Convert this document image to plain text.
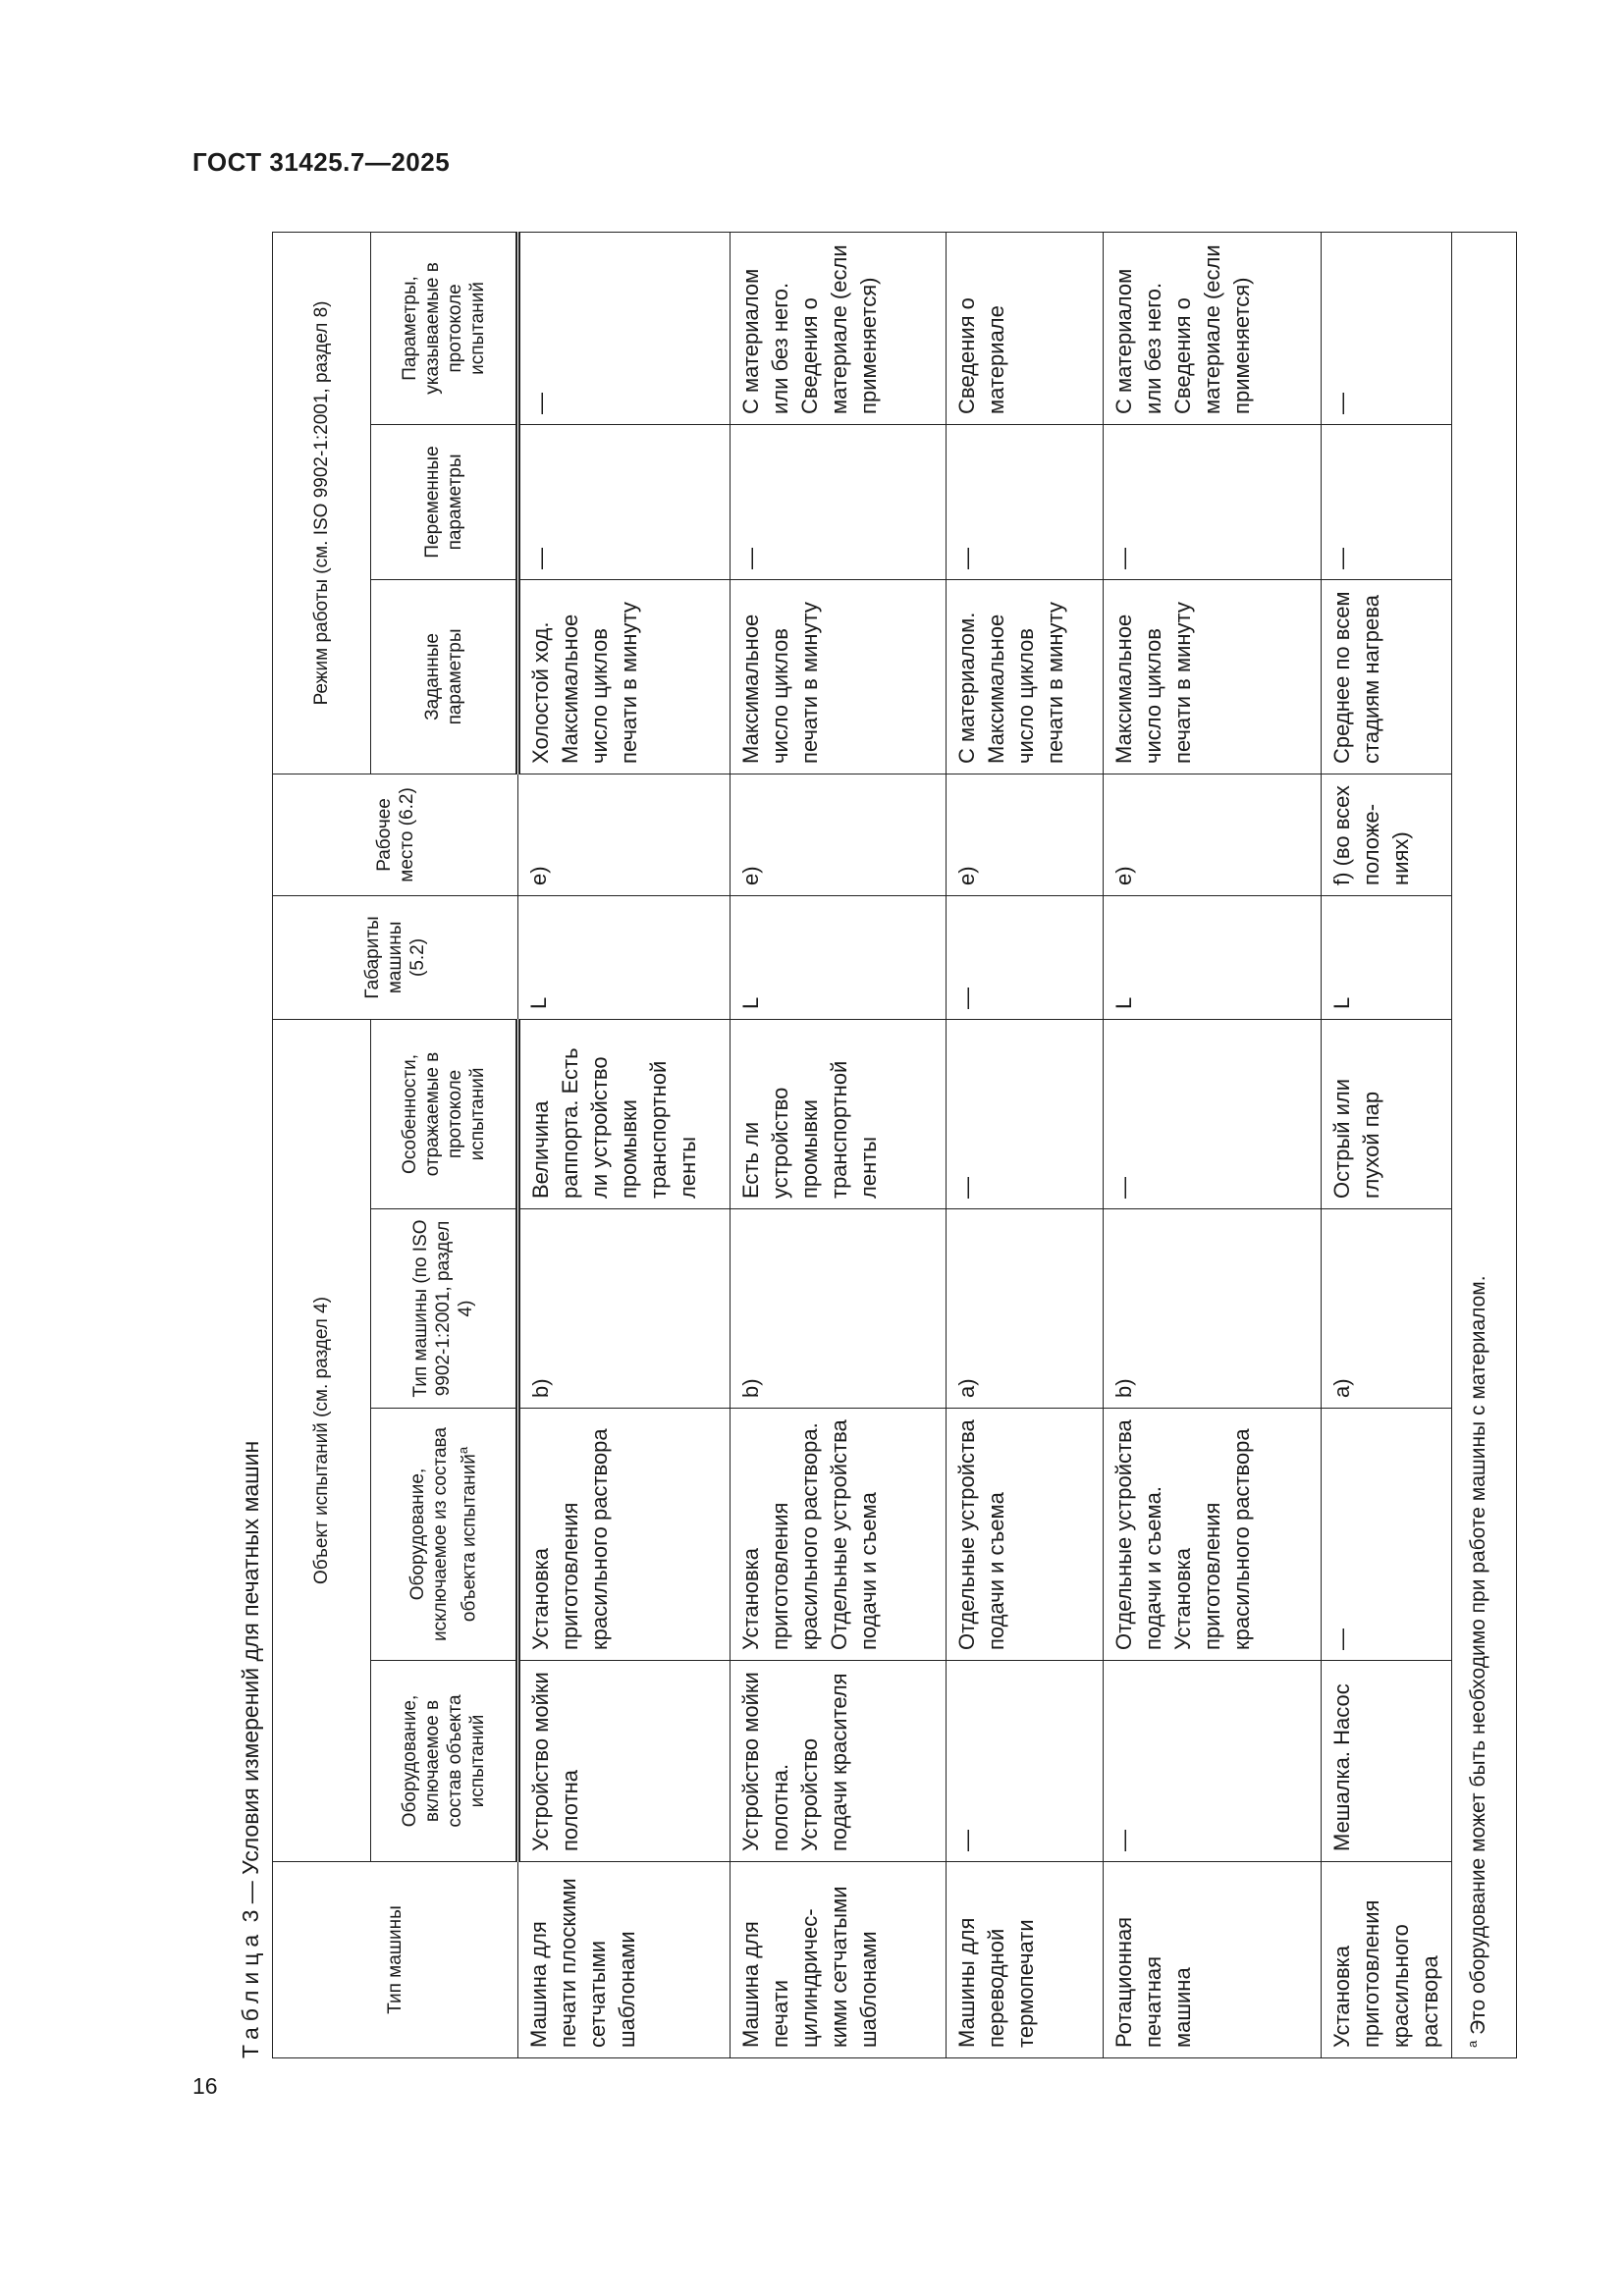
ГОСТ 31425.7—2025
16
Таблица 3 — Условия измерений для печатных машин
Тип машины	Объект испытаний (см. раздел 4)				Габариты машины (5.2)	Рабочее место (6.2)	Режим работы (см. ISO 9902-1:2001, раздел 8)		
	Оборудование, включаемое в состав объекта испытаний	Оборудование, исключаемое из состава объекта испытаний$^a$	Тип машины (по ISO 9902-1:2001, раздел 4)	Особенности, отражаемые в протоколе испытаний			Заданные параметры	Переменные параметры	Параметры, указываемые в протоколе испытаний
Машина для печати плоскими сетчатыми шаблонами	Устройство мойки полотна	Установка приготовления красильного раствора	b)	Величина раппорта. Есть ли устройство промывки транспортной ленты	L	e)	Холостой ход. Максимальное число циклов печати в минуту	—	—
Машина для печати цилиндричес-кими сетчатыми шаблонами	Устройство мойки полотна. Устройство подачи красителя	Установка приготовления красильного раствора. Отдельные устройства подачи и съема	b)	Есть ли устройство промывки транспортной ленты	L	e)	Максимальное число циклов печати в минуту	—	С материалом или без него. Сведения о материале (если применяется)
Машины для переводной термопечати	—	Отдельные устройства подачи и съема	a)	—	—	e)	С материалом. Максимальное число циклов печати в минуту	—	Сведения о материале
Ротационная печатная машина	—	Отдельные устройства подачи и съема. Установка приготовления красильного раствора	b)	—	L	e)	Максимальное число циклов печати в минуту	—	С материалом или без него. Сведения о материале (если применяется)
Установка приготовления красильного раствора	Мешалка. Насос	—	a)	Острый или глухой пар	L	f) (во всех положе-ниях)	Среднее по всем стадиям нагрева	—	—
$^a$ Это оборудование может быть необходимо при работе машины с материалом.									
